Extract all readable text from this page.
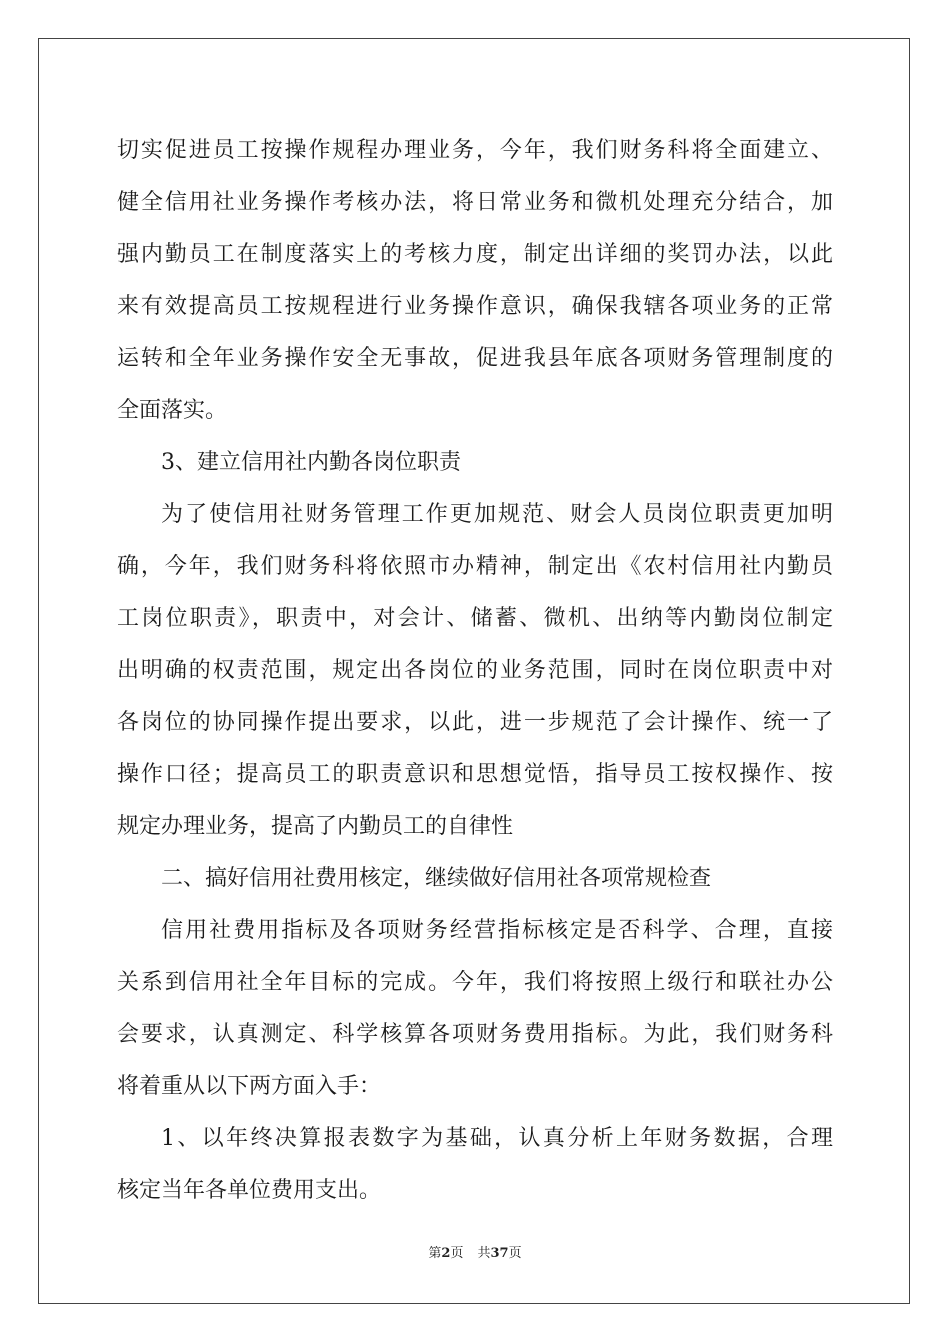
切实促进员工按操作规程办理业务，今年，我们财务科将全面建立、
健全信用社业务操作考核办法，将日常业务和微机处理充分结合，加
强内勤员工在制度落实上的考核力度，制定出详细的奖罚办法，以此
来有效提高员工按规程进行业务操作意识，确保我辖各项业务的正常
运转和全年业务操作安全无事故，促进我县年底各项财务管理制度的
全面落实。
3、建立信用社内勤各岗位职责
为了使信用社财务管理工作更加规范、财会人员岗位职责更加明
确，今年，我们财务科将依照市办精神，制定出《农村信用社内勤员
工岗位职责》，职责中，对会计、储蓄、微机、出纳等内勤岗位制定
出明确的权责范围，规定出各岗位的业务范围，同时在岗位职责中对
各岗位的协同操作提出要求，以此，进一步规范了会计操作、统一了
操作口径；提高员工的职责意识和思想觉悟，指导员工按权操作、按
规定办理业务，提高了内勤员工的自律性
二、搞好信用社费用核定，继续做好信用社各项常规检查
信用社费用指标及各项财务经营指标核定是否科学、合理，直接
关系到信用社全年目标的完成。今年，我们将按照上级行和联社办公
会要求，认真测定、科学核算各项财务费用指标。为此，我们财务科
将着重从以下两方面入手：
1、以年终决算报表数字为基础，认真分析上年财务数据，合理
核定当年各单位费用支出。
第2页 共37页
